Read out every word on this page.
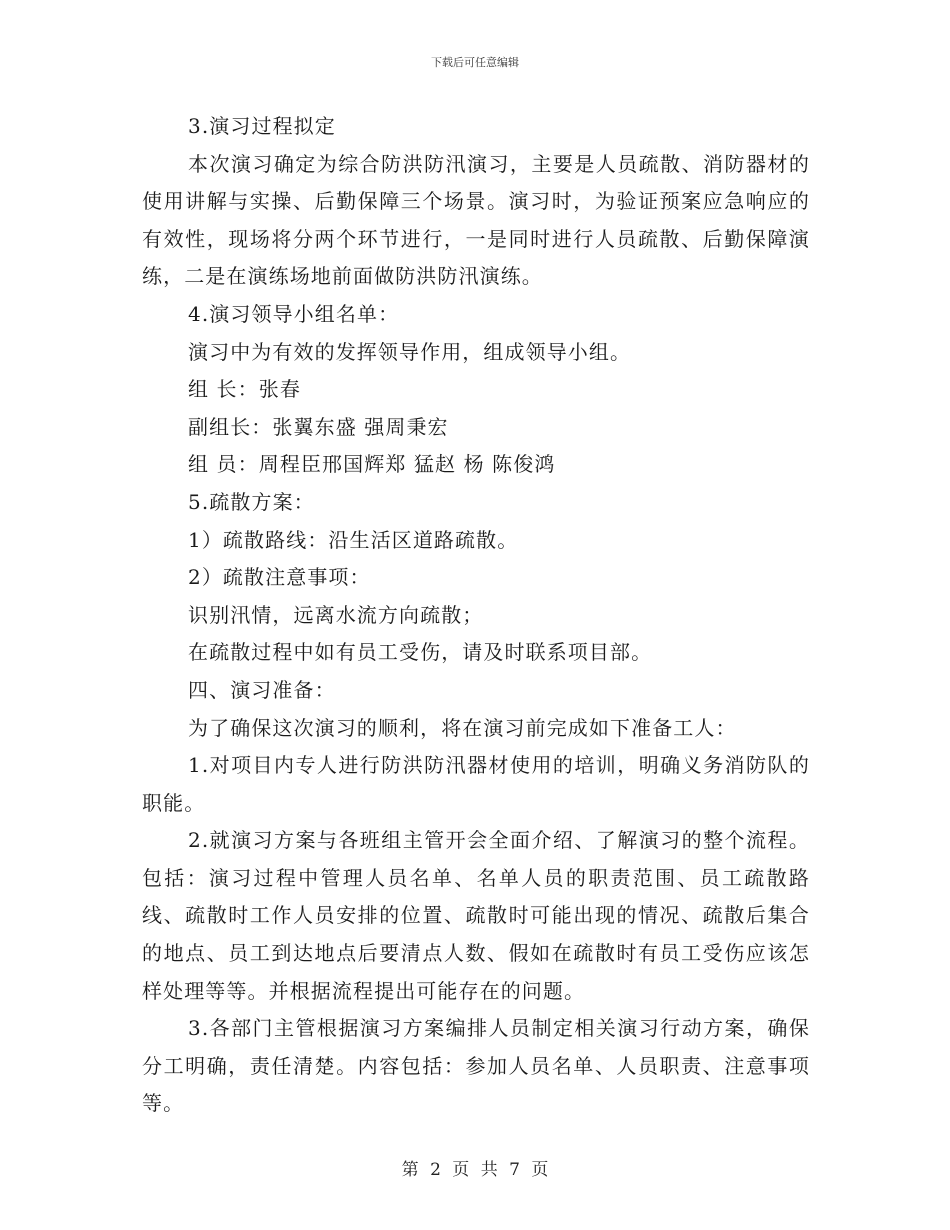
下载后可任意编辑

3.演习过程拟定

本次演习确定为综合防洪防汛演习，主要是人员疏散、消防器材的使用讲解与实操、后勤保障三个场景。演习时，为验证预案应急响应的有效性，现场将分两个环节进行，一是同时进行人员疏散、后勤保障演练，二是在演练场地前面做防洪防汛演练。

4.演习领导小组名单：

演习中为有效的发挥领导作用，组成领导小组。

组 长：张春

副组长：张翼东盛 强周秉宏

组 员：周程臣邢国辉郑 猛赵 杨 陈俊鸿

5.疏散方案：

1）疏散路线：沿生活区道路疏散。

2）疏散注意事项：

识别汛情，远离水流方向疏散；

在疏散过程中如有员工受伤，请及时联系项目部。

四、演习准备：

为了确保这次演习的顺利，将在演习前完成如下准备工人：

1.对项目内专人进行防洪防汛器材使用的培训，明确义务消防队的职能。

2.就演习方案与各班组主管开会全面介绍、了解演习的整个流程。包括：演习过程中管理人员名单、名单人员的职责范围、员工疏散路线、疏散时工作人员安排的位置、疏散时可能出现的情况、疏散后集合的地点、员工到达地点后要清点人数、假如在疏散时有员工受伤应该怎样处理等等。并根据流程提出可能存在的问题。

3.各部门主管根据演习方案编排人员制定相关演习行动方案，确保分工明确，责任清楚。内容包括：参加人员名单、人员职责、注意事项等。

第 2 页 共 7 页
